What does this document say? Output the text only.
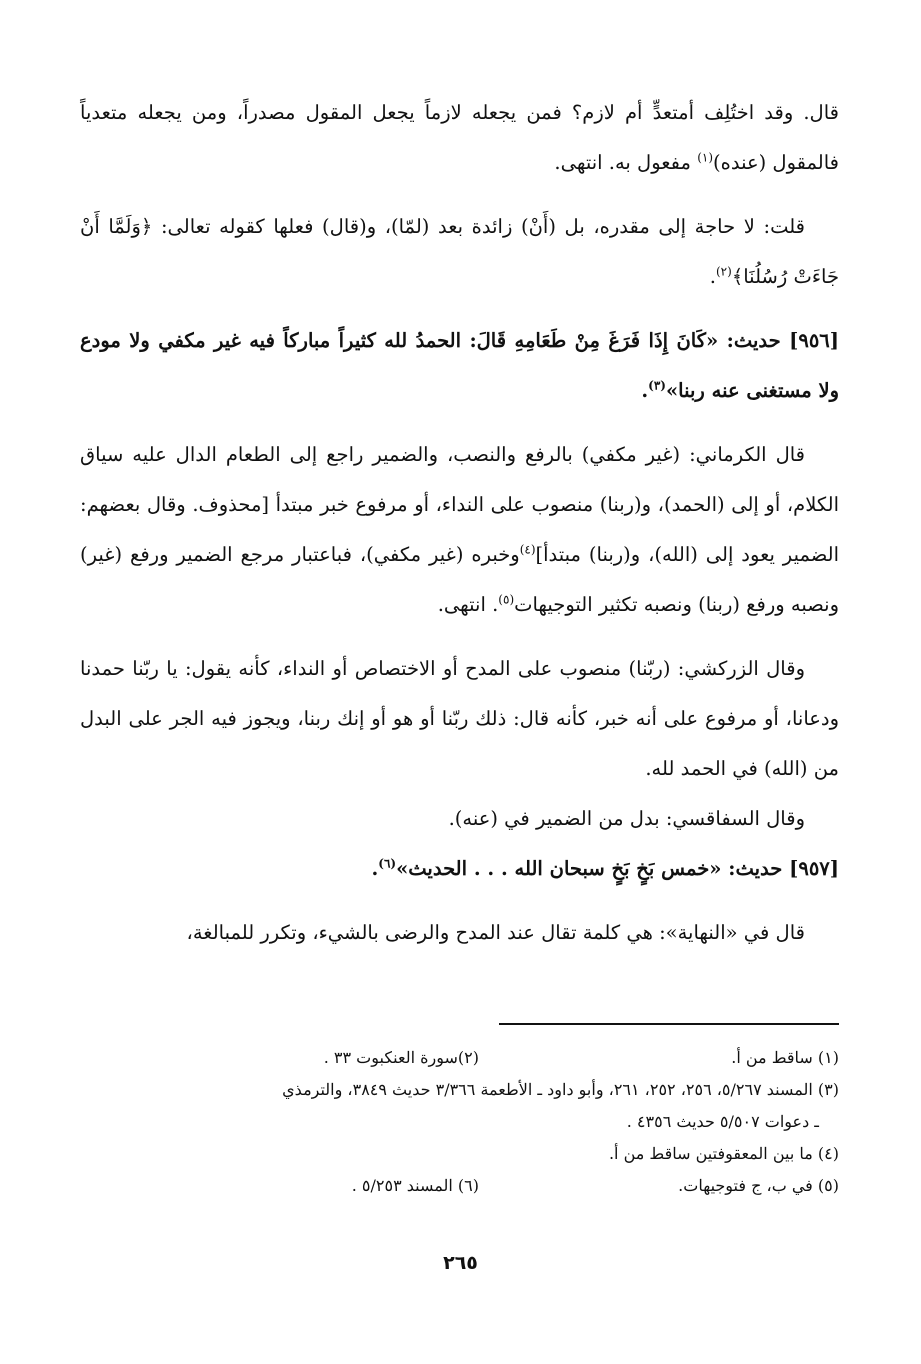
قال. وقد اختُلِف أمتعدٍّ أم لازم؟ فمن يجعله لازماً يجعل المقول مصدراً، ومن يجعله متعدياً فالمقول (عنده)$^{(١)}$ مفعول به. انتهى.

قلت: لا حاجة إلى مقدره، بل (أَنْ) زائدة بعد (لمّا)، و(قال) فعلها كقوله تعالى: ﴿وَلَمَّا أَنْ جَاءَتْ رُسُلُنَا﴾$^{(٢)}$.

[٩٥٦] حديث: «كَانَ إِذَا فَرَغَ مِنْ طَعَامِهِ قَالَ: الحمدُ لله كثيراً مباركاً فيه غير مكفي ولا مودع ولا مستغنى عنه ربنا»$^{(٣)}$.

قال الكرماني: (غير مكفي) بالرفع والنصب، والضمير راجع إلى الطعام الدال عليه سياق الكلام، أو إلى (الحمد)، و(ربنا) منصوب على النداء، أو مرفوع خبر مبتدأ [محذوف. وقال بعضهم: الضمير يعود إلى (الله)، و(ربنا) مبتدأ]$^{(٤)}$وخبره (غير مكفي)، فباعتبار مرجع الضمير ورفع (غير) ونصبه ورفع (ربنا) ونصبه تكثير التوجيهات$^{(٥)}$. انتهى.

وقال الزركشي: (ربّنا) منصوب على المدح أو الاختصاص أو النداء، كأنه يقول: يا ربّنا حمدنا ودعانا، أو مرفوع على أنه خبر، كأنه قال: ذلك ربّنا أو هو أو إنك ربنا، ويجوز فيه الجر على البدل من (الله) في الحمد لله.

وقال السفاقسي: بدل من الضمير في (عنه).

[٩٥٧] حديث: «خمس بَخٍ بَخٍ سبحان الله . . . الحديث»$^{(٦)}$.

قال في «النهاية»: هي كلمة تقال عند المدح والرضى بالشيء، وتكرر للمبالغة،

(١) ساقط من أ.
(٢)سورة العنكبوت ٣٣ .
(٣) المسند ٥/٢٦٧، ٢٥٦، ٢٥٢، ٢٦١، وأبو داود ـ الأطعمة ٣/٣٦٦ حديث ٣٨٤٩، والترمذي
ـ دعوات ٥/٥٠٧ حديث ٤٣٥٦ .
(٤) ما بين المعقوفتين ساقط من أ.
(٥) في ب، ج فتوجيهات.
(٦) المسند ٥/٢٥٣ .
٢٦٥
